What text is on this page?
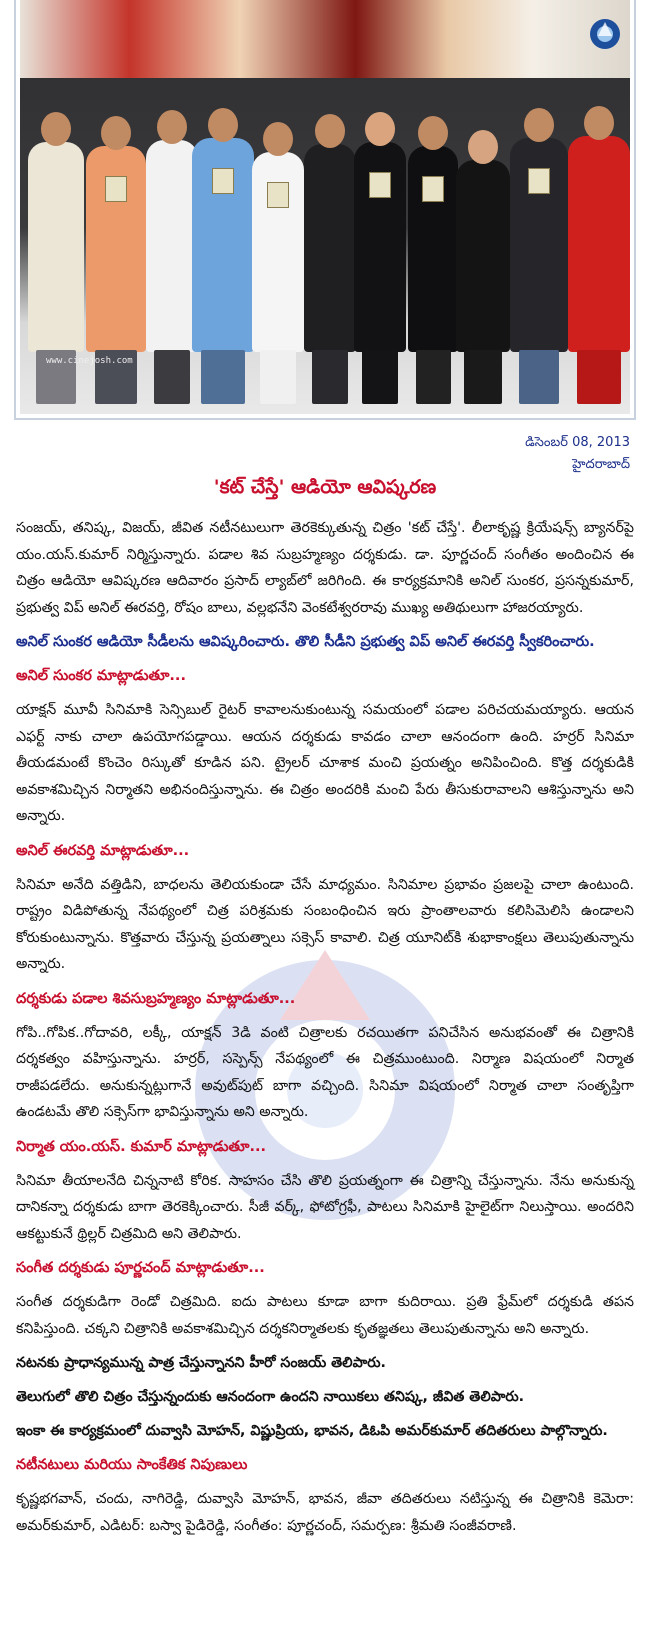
www.cinejosh.com
డిసెంబర్ 08, 2013
హైదరాబాద్
'కట్ చేస్తే' ఆడియో ఆవిష్కరణ
సంజయ్, తనిష్క, విజయ్, జీవిత నటీనటులుగా తెరకెక్కుతున్న చిత్రం 'కట్ చేస్తే'. లీలాకృష్ణ క్రియేషన్స్ బ్యానర్‌పై యం.యస్.కుమార్ నిర్మిస్తున్నారు. పడాల శివ సుబ్రహ్మణ్యం దర్శకుడు. డా. పూర్ణచంద్ సంగీతం అందించిన ఈ చిత్రం ఆడియో ఆవిష్కరణ ఆదివారం ప్రసాద్ ల్యాబ్‌లో జరిగింది. ఈ కార్యక్రమానికి అనిల్ సుంకర, ప్రసన్నకుమార్, ప్రభుత్వ విప్ అనిల్ ఈరవర్తి, రోషం బాలు, వల్లభనేని వెంకటేశ్వరరావు ముఖ్య అతిథులుగా హాజరయ్యారు.
అనిల్ సుంకర ఆడియో సీడీలను ఆవిష్కరించారు. తొలి సీడీని ప్రభుత్వ విప్ అనిల్ ఈరవర్తి స్వీకరించారు.
అనిల్ సుంకర మాట్లాడుతూ...
యాక్షన్ మూవీ సినిమాకి సెన్సిబుల్ రైటర్ కావాలనుకుంటున్న సమయంలో పడాల పరిచయమయ్యారు. ఆయన ఎఫర్ట్ నాకు చాలా ఉపయోగపడ్డాయి. ఆయన దర్శకుడు కావడం చాలా ఆనందంగా ఉంది. హర్రర్ సినిమా తీయడమంటే కొంచెం రిస్కుతో కూడిన పని. ట్రైలర్ చూశాక మంచి ప్రయత్నం అనిపించింది. కొత్త దర్శకుడికి అవకాశమిచ్చిన నిర్మాతని అభినందిస్తున్నాను. ఈ చిత్రం అందరికి మంచి పేరు తీసుకురావాలని ఆశిస్తున్నాను అని అన్నారు.
అనిల్ ఈరవర్తి మాట్లాడుతూ...
సినిమా అనేది వత్తిడిని, బాధలను తెలియకుండా చేసే మాధ్యమం. సినిమాల ప్రభావం ప్రజలపై చాలా ఉంటుంది. రాష్ట్రం విడిపోతున్న నేపథ్యంలో చిత్ర పరిశ్రమకు సంబంధించిన ఇరు ప్రాంతాలవారు కలిసిమెలిసి ఉండాలని కోరుకుంటున్నాను. కొత్తవారు చేస్తున్న ప్రయత్నాలు సక్సెస్ కావాలి. చిత్ర యూనిట్‌కి శుభాకాంక్షలు తెలుపుతున్నాను అన్నారు.
దర్శకుడు పడాల శివసుబ్రహ్మణ్యం మాట్లాడుతూ...
గోపి..గోపిక..గోదావరి, లక్కీ, యాక్షన్ 3డి వంటి చిత్రాలకు రచయితగా పనిచేసిన అనుభవంతో ఈ చిత్రానికి దర్శకత్వం వహిస్తున్నాను. హర్రర్, సస్పెన్స్ నేపథ్యంలో ఈ చిత్రముంటుంది. నిర్మాణ విషయంలో నిర్మాత రాజీపడలేదు. అనుకున్నట్లుగానే అవుట్‌పుట్ బాగా వచ్చింది. సినిమా విషయంలో నిర్మాత చాలా సంతృప్తిగా ఉండటమే తొలి సక్సెస్‌గా భావిస్తున్నాను అని అన్నారు.
నిర్మాత యం.యస్. కుమార్ మాట్లాడుతూ...
సినిమా తీయాలనేది చిన్ననాటి కోరిక. సాహసం చేసి తొలి ప్రయత్నంగా ఈ చిత్రాన్ని చేస్తున్నాను. నేను అనుకున్న దానికన్నా దర్శకుడు బాగా తెరకెక్కించారు. సీజీ వర్క్, ఫోటోగ్రఫీ, పాటలు సినిమాకి హైలైట్‌గా నిలుస్తాయి. అందరిని ఆకట్టుకునే థ్రిల్లర్ చిత్రమిది అని తెలిపారు.
సంగీత దర్శకుడు పూర్ణచంద్ మాట్లాడుతూ...
సంగీత దర్శకుడిగా రెండో చిత్రమిది. ఐదు పాటలు కూడా బాగా కుదిరాయి. ప్రతి ఫ్రేమ్‌లో దర్శకుడి తపన కనిపిస్తుంది. చక్కని చిత్రానికి అవకాశమిచ్చిన దర్శకనిర్మాతలకు కృతజ్ఞతలు తెలుపుతున్నాను అని అన్నారు.
నటనకు ప్రాధాన్యమున్న పాత్ర చేస్తున్నానని హీరో సంజయ్ తెలిపారు.
తెలుగులో తొలి చిత్రం చేస్తున్నందుకు ఆనందంగా ఉందని నాయికలు తనిష్క, జీవిత తెలిపారు.
ఇంకా ఈ కార్యక్రమంలో దువ్వాసి మోహన్, విష్ణుప్రియ, భావన, డిఓపి అమర్‌కుమార్ తదితరులు పాల్గొన్నారు.
నటీనటులు మరియు సాంకేతిక నిపుణులు
కృష్ణభగవాన్, చందు, నాగిరెడ్డి, దువ్వాసి మోహన్, భావన, జీవా తదితరులు నటిస్తున్న ఈ చిత్రానికి కెమెరా: అమర్‌కుమార్, ఎడిటర్: బస్వా పైడిరెడ్డి, సంగీతం: పూర్ణచంద్, సమర్పణ: శ్రీమతి సంజీవరాణి.
